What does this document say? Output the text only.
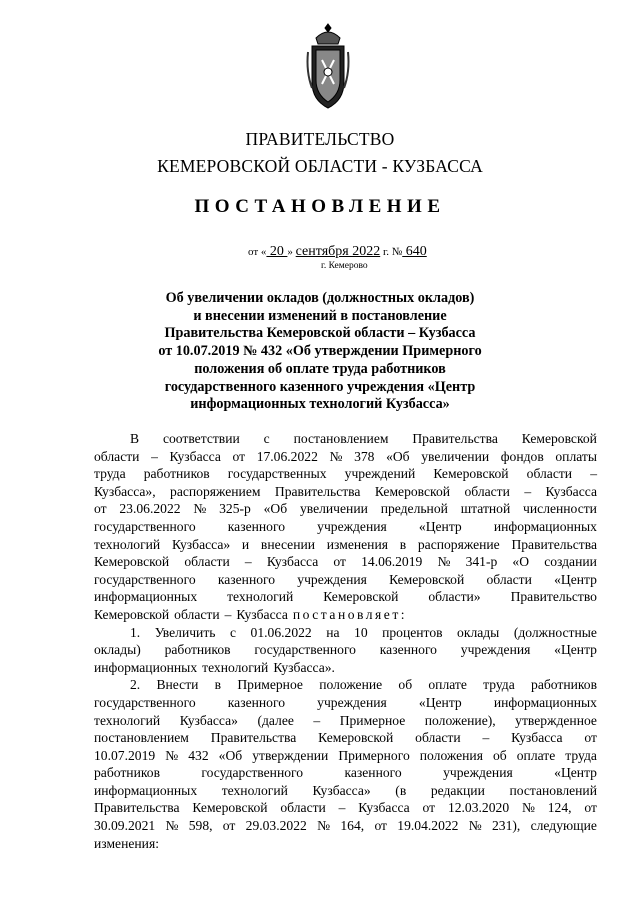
ПРАВИТЕЛЬСТВО
КЕМЕРОВСКОЙ ОБЛАСТИ - КУЗБАССА
ПОСТАНОВЛЕНИЕ
от « 20 » сентября 2022 г. № 640
г. Кемерово
Об увеличении окладов (должностных окладов)
и внесении изменений в постановление
Правительства Кемеровской области – Кузбасса
от 10.07.2019 № 432 «Об утверждении Примерного
положения об оплате труда работников
государственного казенного учреждения «Центр
информационных технологий Кузбасса»
В соответствии с постановлением Правительства Кемеровской
области – Кузбасса от 17.06.2022 № 378 «Об увеличении фондов оплаты
труда работников государственных учреждений Кемеровской области –
Кузбасса», распоряжением Правительства Кемеровской области – Кузбасса
от 23.06.2022 № 325-р «Об увеличении предельной штатной численности
государственного казенного учреждения «Центр информационных
технологий Кузбасса» и внесении изменения в распоряжение Правительства
Кемеровской области – Кузбасса от 14.06.2019 № 341-р «О создании
государственного казенного учреждения Кемеровской области «Центр
информационных технологий Кемеровской области» Правительство
Кемеровской области – Кузбасса постановляет:
1. Увеличить с 01.06.2022 на 10 процентов оклады (должностные
оклады) работников государственного казенного учреждения «Центр
информационных технологий Кузбасса».
2. Внести в Примерное положение об оплате труда работников
государственного казенного учреждения «Центр информационных
технологий Кузбасса» (далее – Примерное положение), утвержденное
постановлением Правительства Кемеровской области – Кузбасса от
10.07.2019 № 432 «Об утверждении Примерного положения об оплате труда
работников	государственного	казенного	учреждения	«Центр
информационных технологий Кузбасса» (в редакции постановлений
Правительства Кемеровской области – Кузбасса от 12.03.2020 № 124, от
30.09.2021 № 598, от 29.03.2022 № 164, от 19.04.2022 № 231), следующие
изменения:
